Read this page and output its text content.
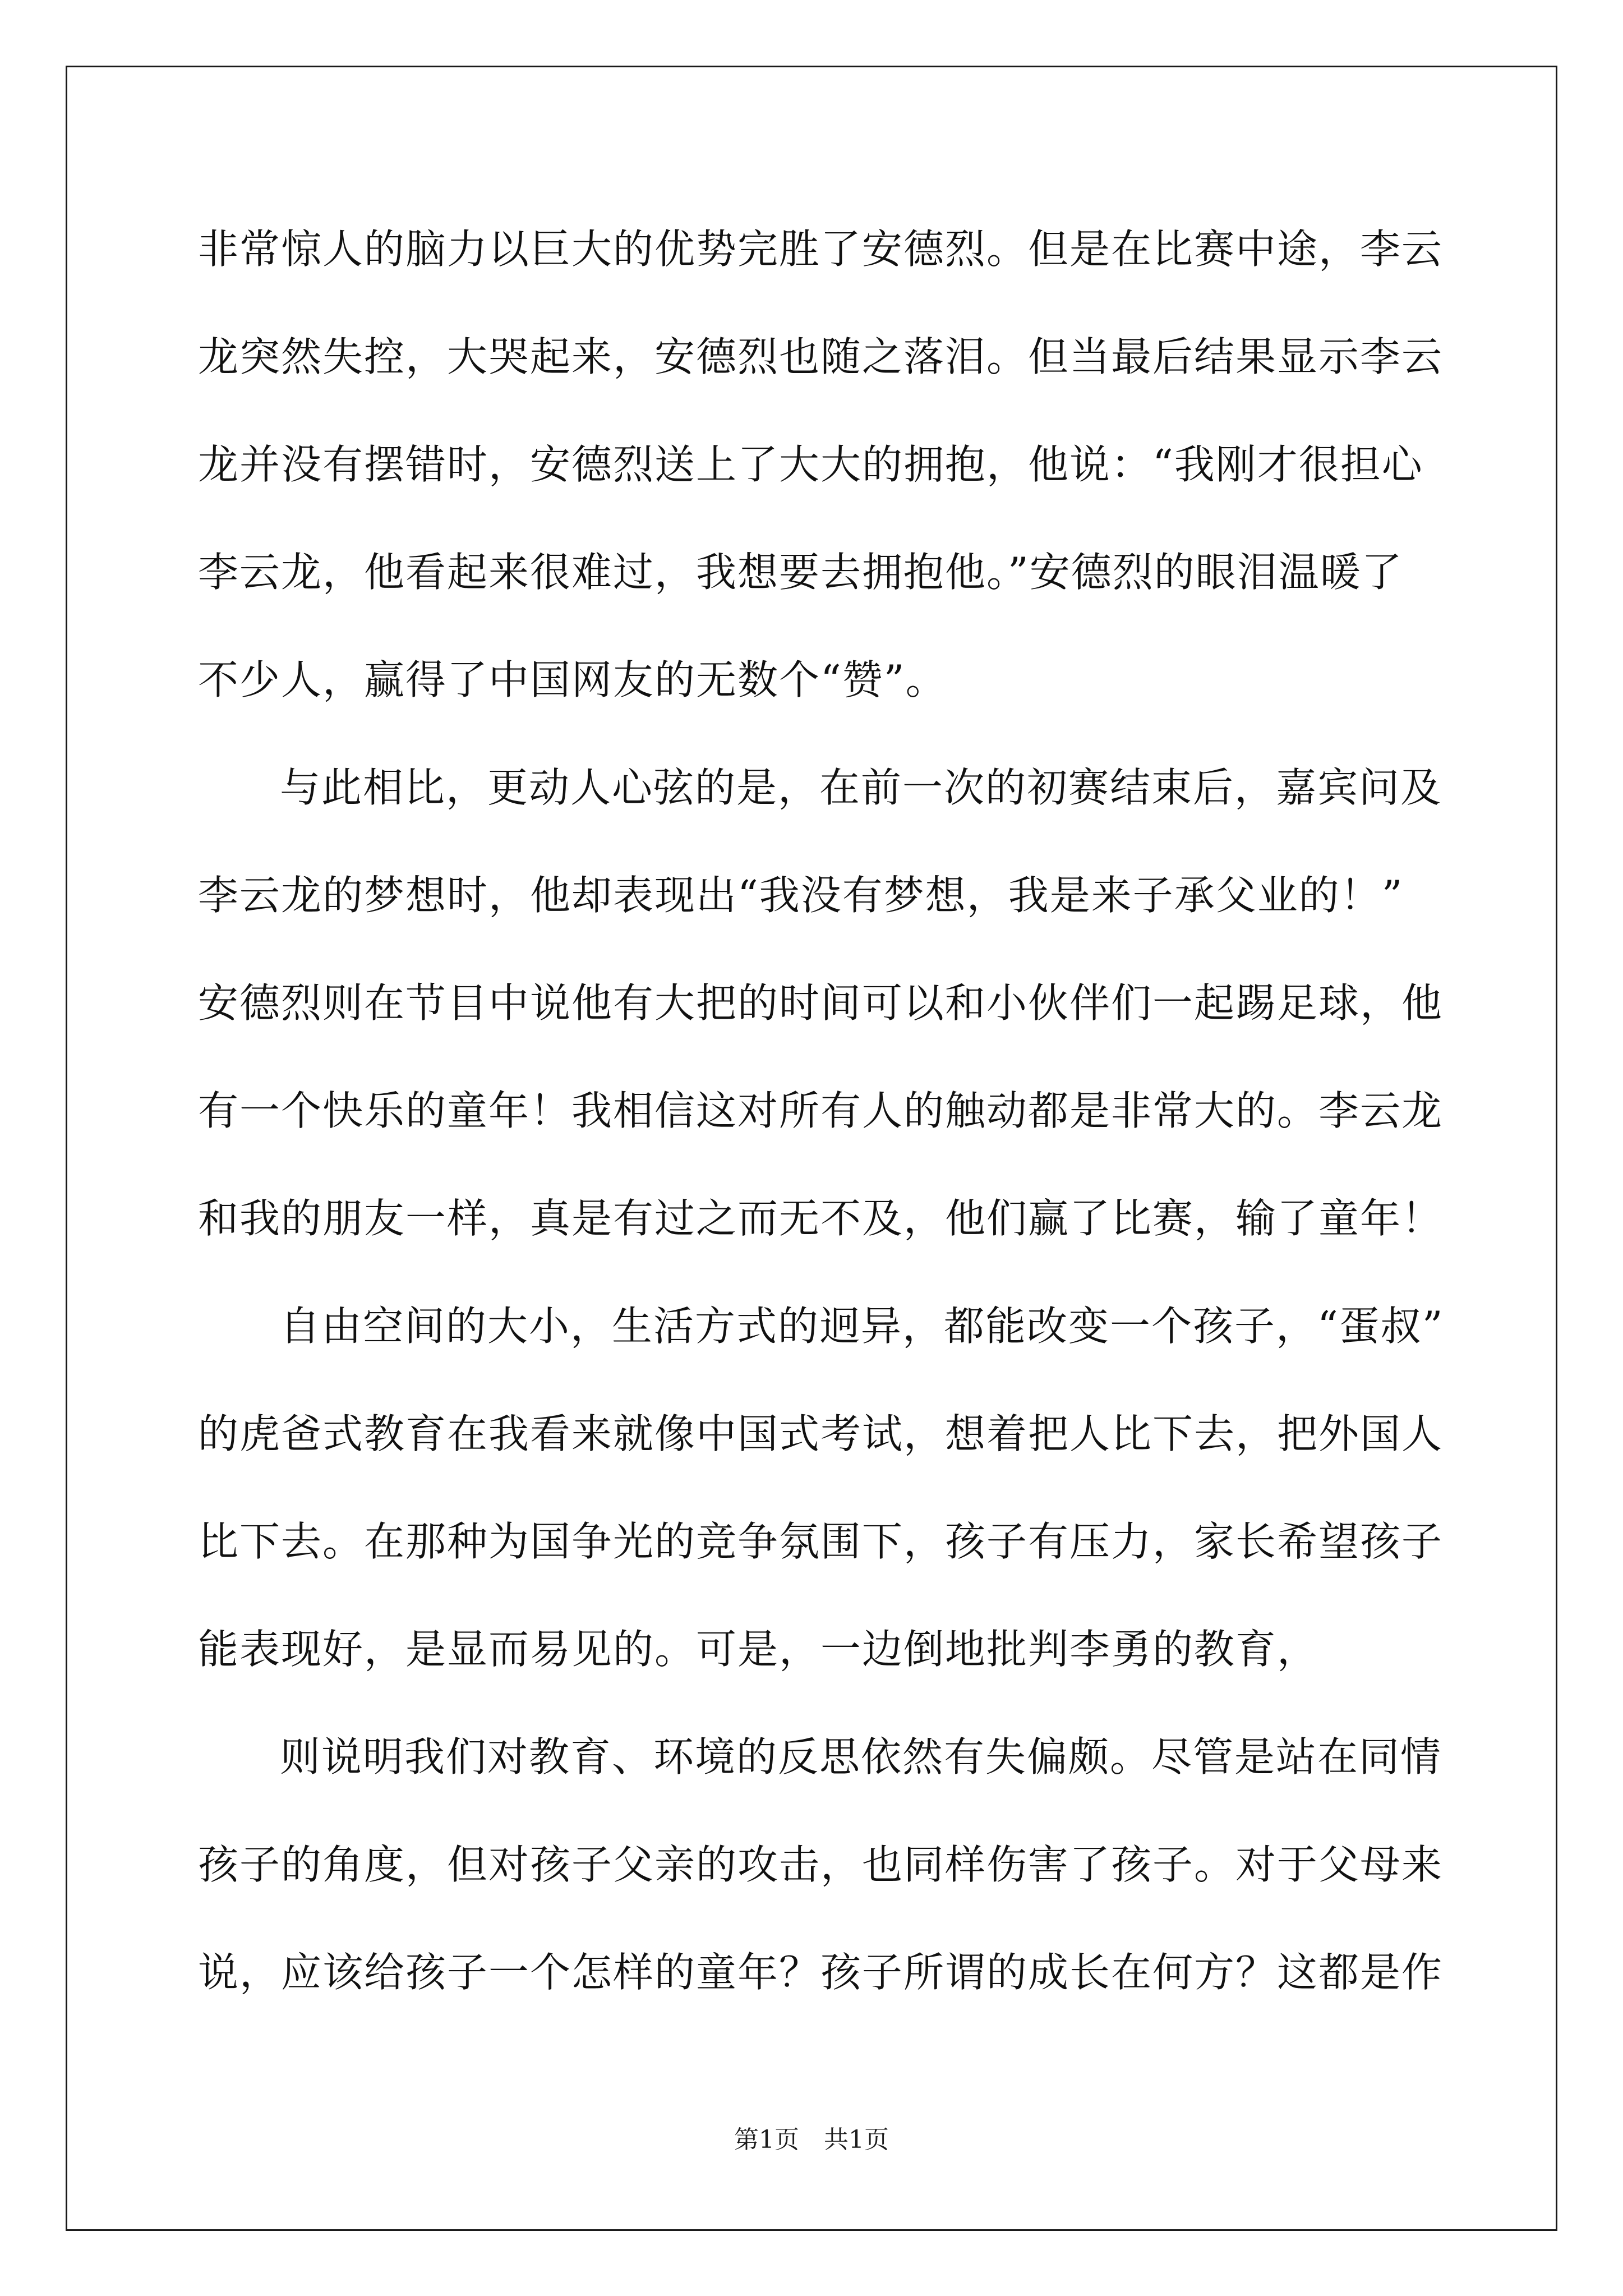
非常惊人的脑力以巨大的优势完胜了安德烈。但是在比赛中途，李云
龙突然失控，大哭起来，安德烈也随之落泪。但当最后结果显示李云
龙并没有摆错时，安德烈送上了大大的拥抱，他说：“我刚才很担心
李云龙，他看起来很难过，我想要去拥抱他。”安德烈的眼泪温暖了
不少人，赢得了中国网友的无数个“赞”。
与此相比，更动人心弦的是，在前一次的初赛结束后，嘉宾问及
李云龙的梦想时，他却表现出“我没有梦想，我是来子承父业的！”
安德烈则在节目中说他有大把的时间可以和小伙伴们一起踢足球，他
有一个快乐的童年！我相信这对所有人的触动都是非常大的。李云龙
和我的朋友一样，真是有过之而无不及，他们赢了比赛，输了童年！
自由空间的大小，生活方式的迥异，都能改变一个孩子，“蛋叔”
的虎爸式教育在我看来就像中国式考试，想着把人比下去，把外国人
比下去。在那种为国争光的竞争氛围下，孩子有压力，家长希望孩子
能表现好，是显而易见的。可是，一边倒地批判李勇的教育，
则说明我们对教育、环境的反思依然有失偏颇。尽管是站在同情
孩子的角度，但对孩子父亲的攻击，也同样伤害了孩子。对于父母来
说，应该给孩子一个怎样的童年？孩子所谓的成长在何方？这都是作
第1页　共1页
